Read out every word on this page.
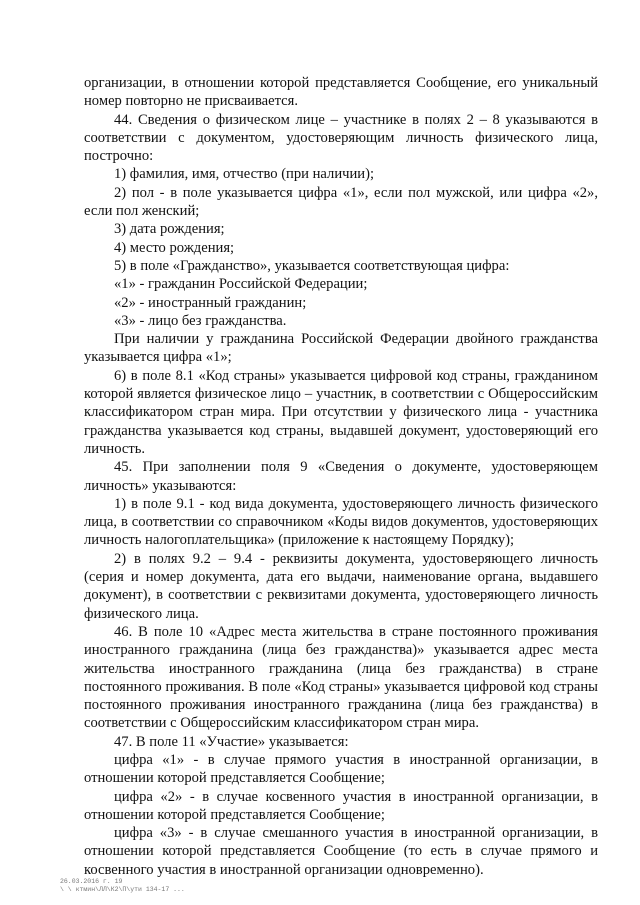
организации, в отношении которой представляется Сообщение, его уникальный номер повторно не присваивается.

44. Сведения о физическом лице – участнике в полях 2 – 8 указываются в соответствии с документом, удостоверяющим личность физического лица, построчно:

1) фамилия, имя, отчество (при наличии);

2) пол - в поле указывается цифра «1», если пол мужской, или цифра «2», если пол женский;

3) дата рождения;

4) место рождения;

5) в поле «Гражданство», указывается соответствующая цифра:

«1» - гражданин Российской Федерации;

«2» - иностранный гражданин;

«3» - лицо без гражданства.

При наличии у гражданина Российской Федерации двойного гражданства указывается цифра «1»;

6) в поле 8.1 «Код страны» указывается цифровой код страны, гражданином которой является физическое лицо – участник, в соответствии с Общероссийским классификатором стран мира. При отсутствии у физического лица - участника гражданства указывается код страны, выдавшей документ, удостоверяющий его личность.

45. При заполнении поля 9 «Сведения о документе, удостоверяющем личность» указываются:

1) в поле 9.1 - код вида документа, удостоверяющего личность физического лица, в соответствии со справочником «Коды видов документов, удостоверяющих личность налогоплательщика» (приложение к настоящему Порядку);

2) в полях 9.2 – 9.4 - реквизиты документа, удостоверяющего личность (серия и номер документа, дата его выдачи, наименование органа, выдавшего документ), в соответствии с реквизитами документа, удостоверяющего личность физического лица.

46. В поле 10 «Адрес места жительства в стране постоянного проживания иностранного гражданина (лица без гражданства)» указывается адрес места жительства иностранного гражданина (лица без гражданства) в стране постоянного проживания. В поле «Код страны» указывается цифровой код страны постоянного проживания иностранного гражданина (лица без гражданства) в соответствии с Общероссийским классификатором стран мира.

47. В поле 11 «Участие» указывается:

цифра «1» - в случае прямого участия в иностранной организации, в отношении которой представляется Сообщение;

цифра «2» - в случае косвенного участия в иностранной организации, в отношении которой представляется Сообщение;

цифра «3» - в случае смешанного участия в иностранной организации, в отношении которой представляется Сообщение (то есть в случае прямого и косвенного участия в иностранной организации одновременно).

26.03.2016 г. 19
\ \ ктмин\ЛЛ\К2\П\ути 134-17 ...
